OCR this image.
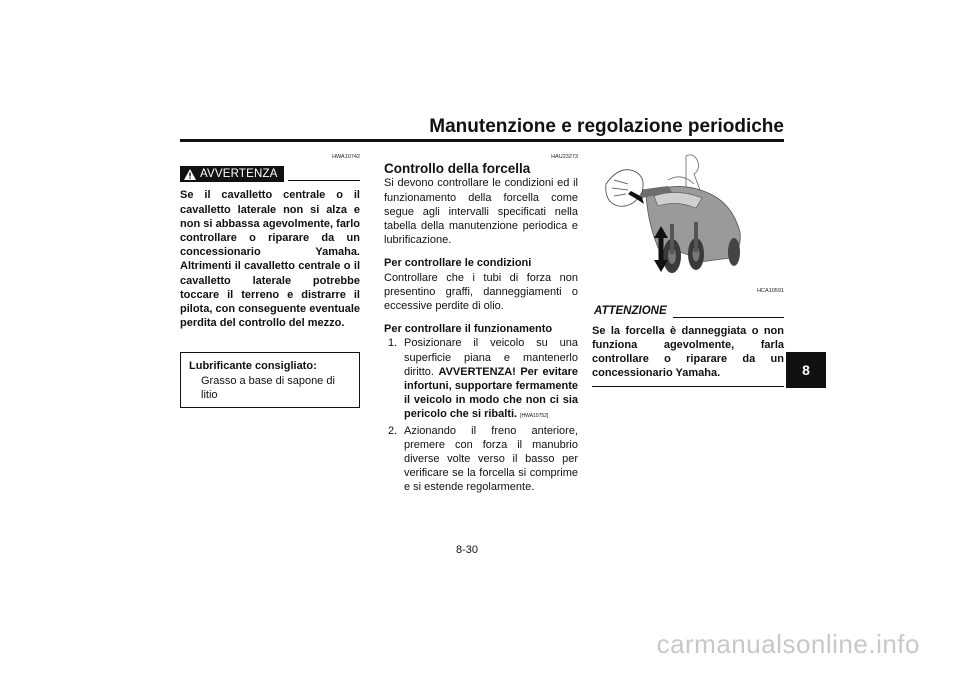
Manutenzione e regolazione periodiche
8
HWA10742
AVVERTENZA
Se il cavalletto centrale o il cavalletto laterale non si alza e non si abbassa agevolmente, farlo controllare o riparare da un concessionario Yamaha. Altrimenti il cavalletto centrale o il cavalletto laterale potrebbe toccare il terreno e distrarre il pilota, con conseguente eventuale perdita del controllo del mezzo.
Lubrificante consigliato:
Grasso a base di sapone di litio
HAU23273
Controllo della forcella

Si devono controllare le condizioni ed il funzionamento della forcella come segue agli intervalli specificati nella tabella della manutenzione periodica e lubrificazione.

Per controllare le condizioni

Controllare che i tubi di forza non presentino graffi, danneggiamenti o eccessive perdite di olio.

Per controllare il funzionamento
1. Posizionare il veicolo su una superficie piana e mantenerlo diritto. AVVERTENZA! Per evitare infortuni, supportare fermamente il veicolo in modo che non ci sia pericolo che si ribalti. [HWA10752]
2. Azionando il freno anteriore, premere con forza il manubrio diverse volte verso il basso per verificare se la forcella si comprime e si estende regolarmente.
HCA10591
ATTENZIONE
Se la forcella è danneggiata o non funziona agevolmente, farla controllare o riparare da un concessionario Yamaha.
8-30
carmanualsonline.info
